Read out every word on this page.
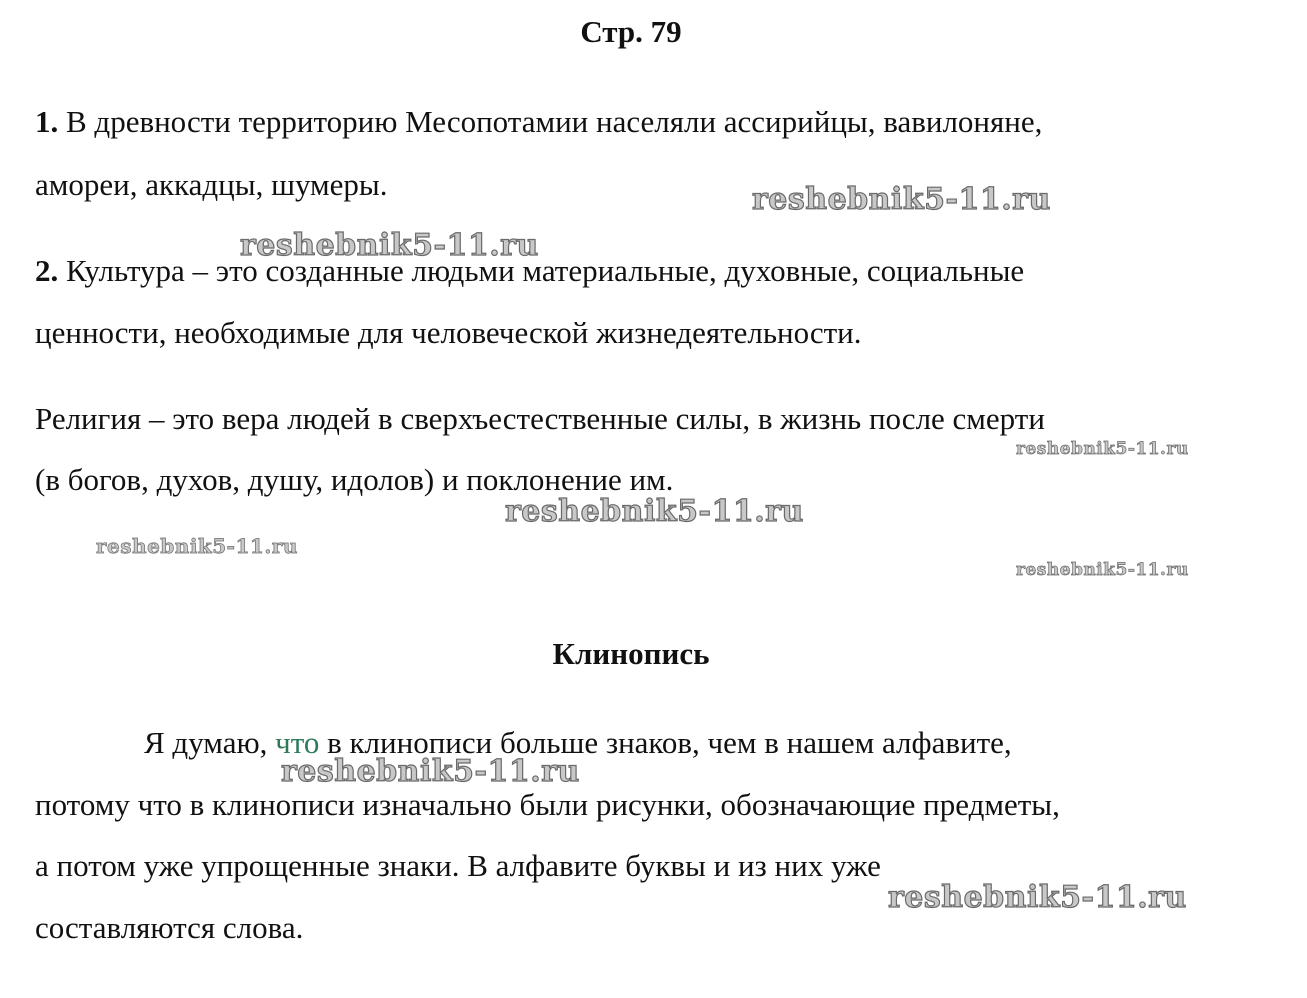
Стр. 79
1. В древности территорию Месопотамии населяли ассирийцы, вавилоняне,
амореи, аккадцы, шумеры.
2. Культура – это созданные людьми материальные, духовные, социальные
ценности, необходимые для человеческой жизнедеятельности.
Религия – это вера людей в сверхъестественные силы, в жизнь после смерти
(в богов, духов, душу, идолов) и поклонение им.
Клинопись
Я думаю, что в клинописи больше знаков, чем в нашем алфавите,
потому что в клинописи изначально были рисунки, обозначающие предметы,
а потом уже упрощенные знаки. В алфавите буквы и из них уже
составляются слова.
reshebnik5-11.ru
reshebnik5-11.ru
reshebnik5-11.ru
reshebnik5-11.ru
reshebnik5-11.ru
reshebnik5-11.ru
reshebnik5-11.ru
reshebnik5-11.ru
